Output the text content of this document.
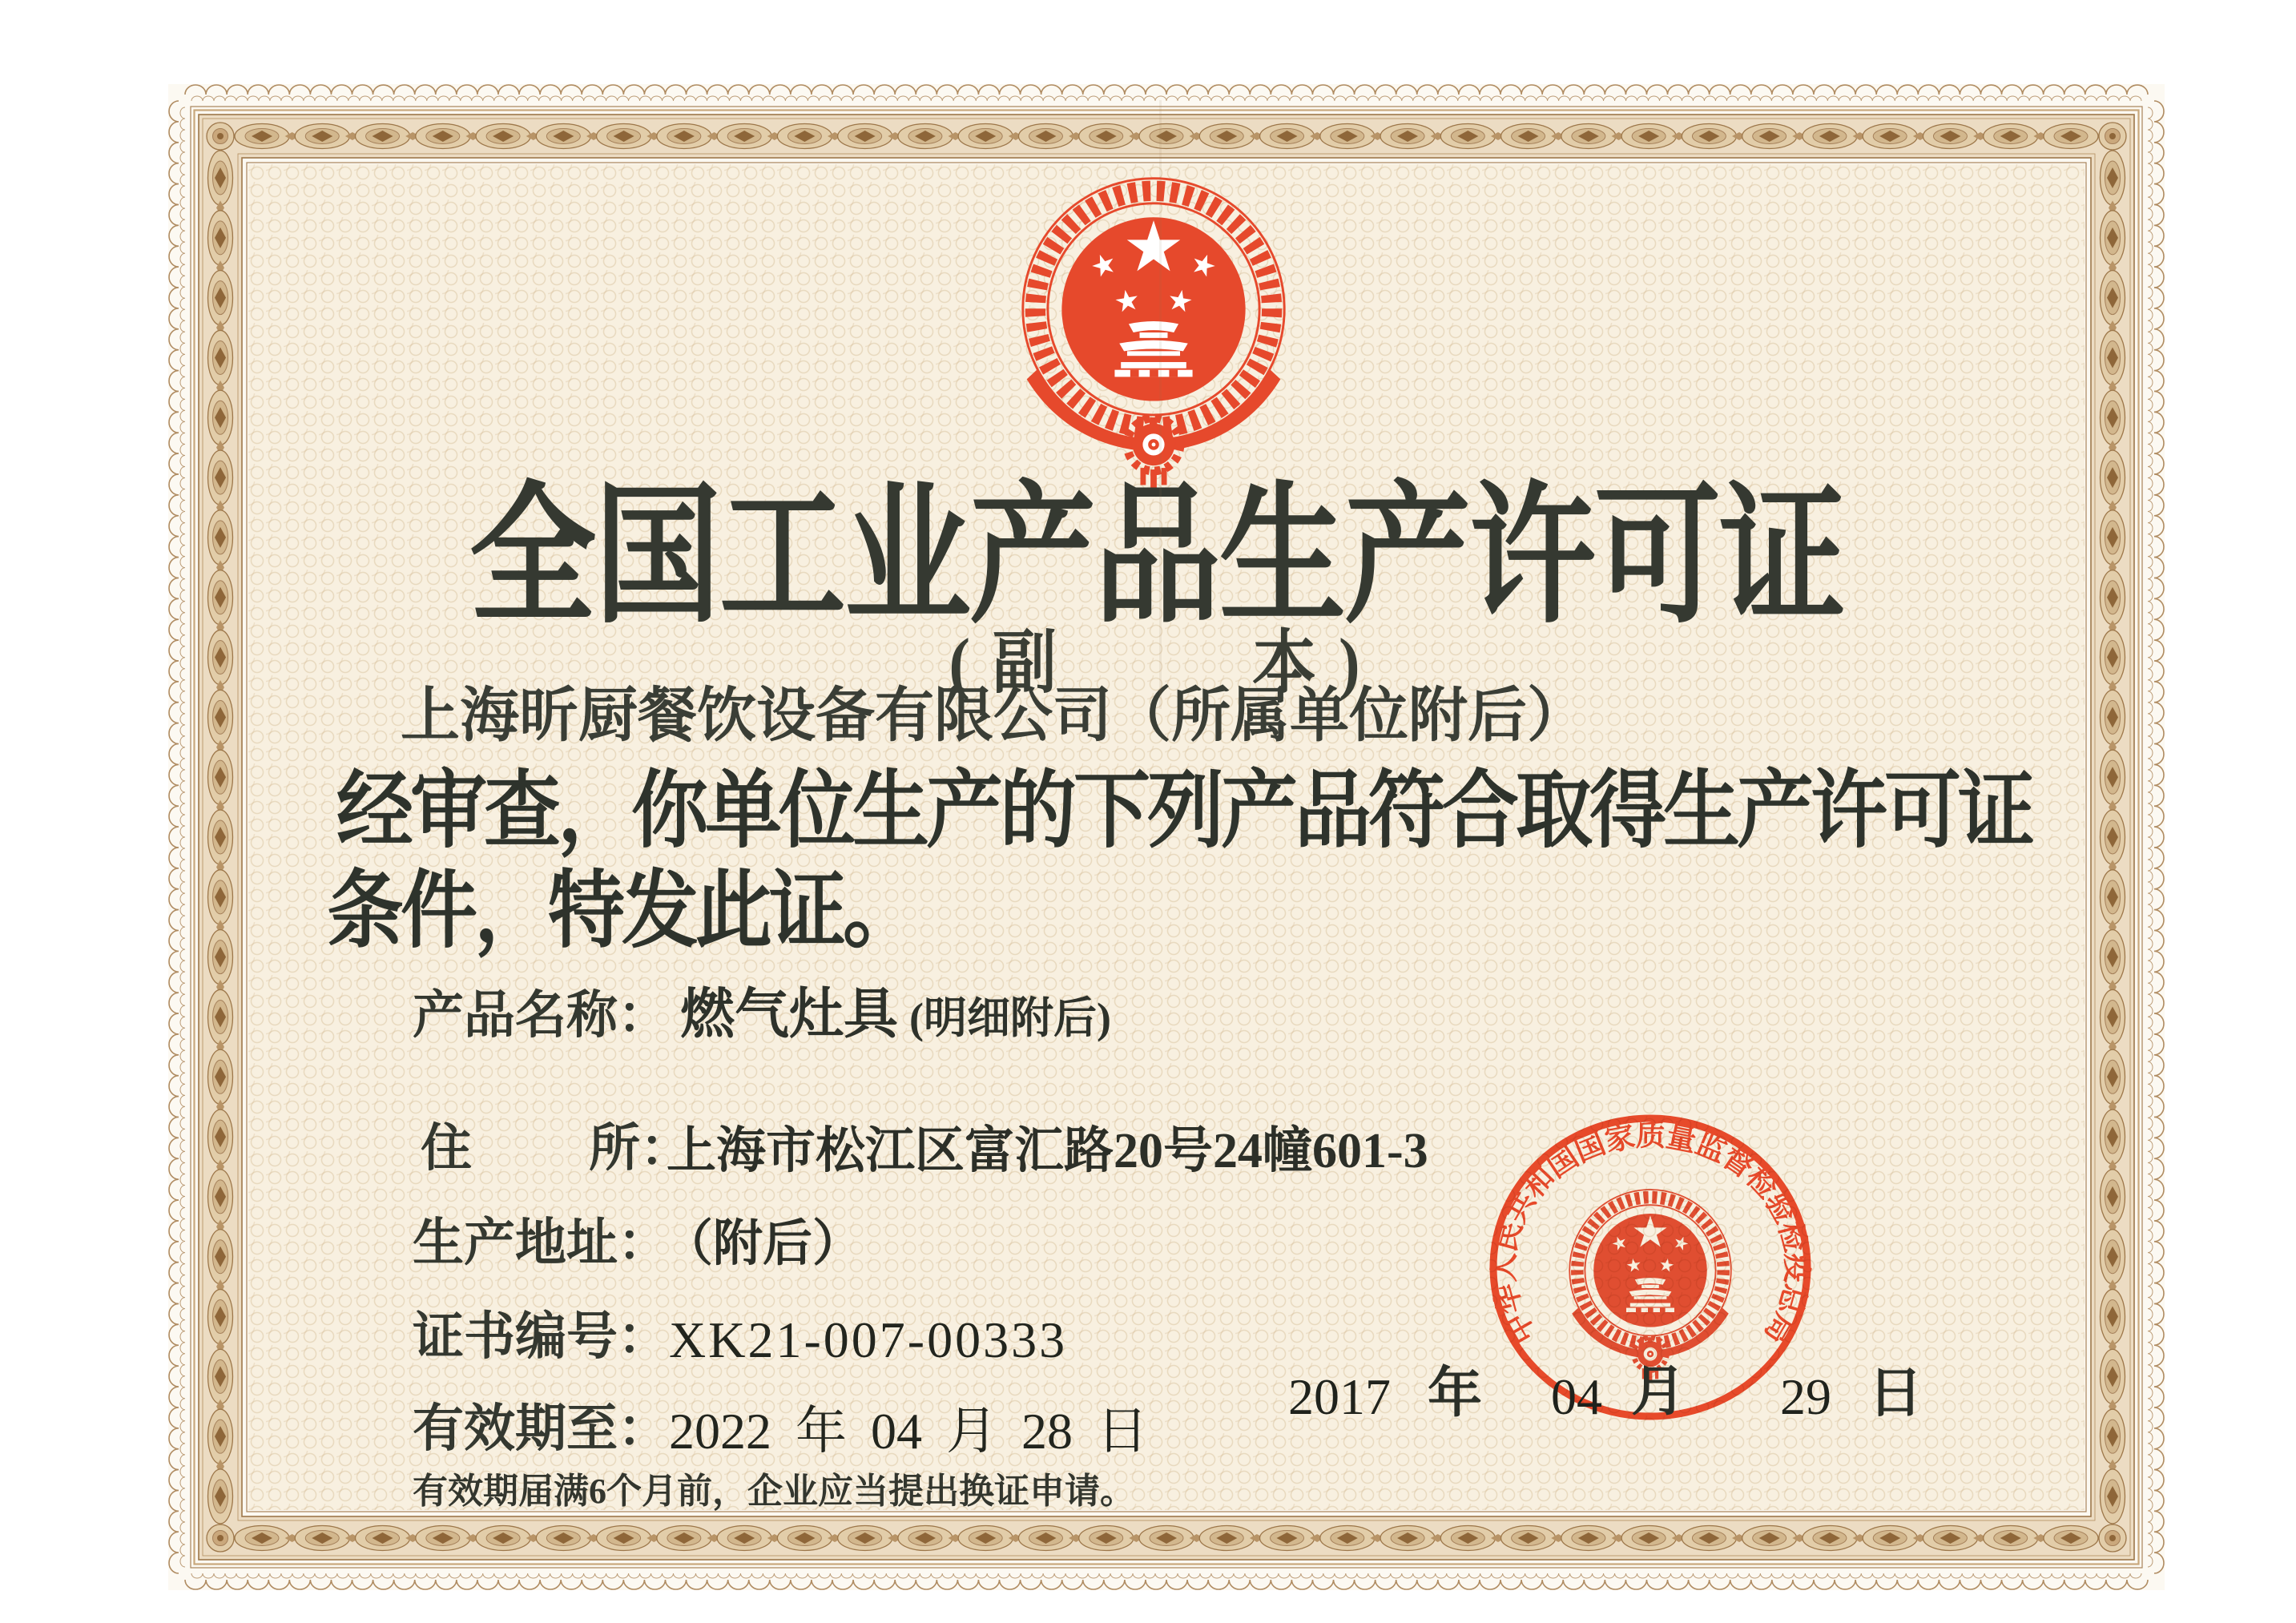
全国工业产品生产许可证
(副　　本)
上海昕厨餐饮设备有限公司（所属单位附后）
经审查，你单位生产的下列产品符合取得生产许可证
条件，特发此证。
产品名称： 燃气灶具 (明细附后)
住 所：
上海市松江区富汇路20号24幢601-3
生产地址：
（附后）
证书编号： XK21-007-00333
有效期至： 2022 年 04 月 28 日
有效期届满6个月前，企业应当提出换证申请。
中华人民共和国国家质量监督检验检疫总局
2017 年 04 月 29 日
